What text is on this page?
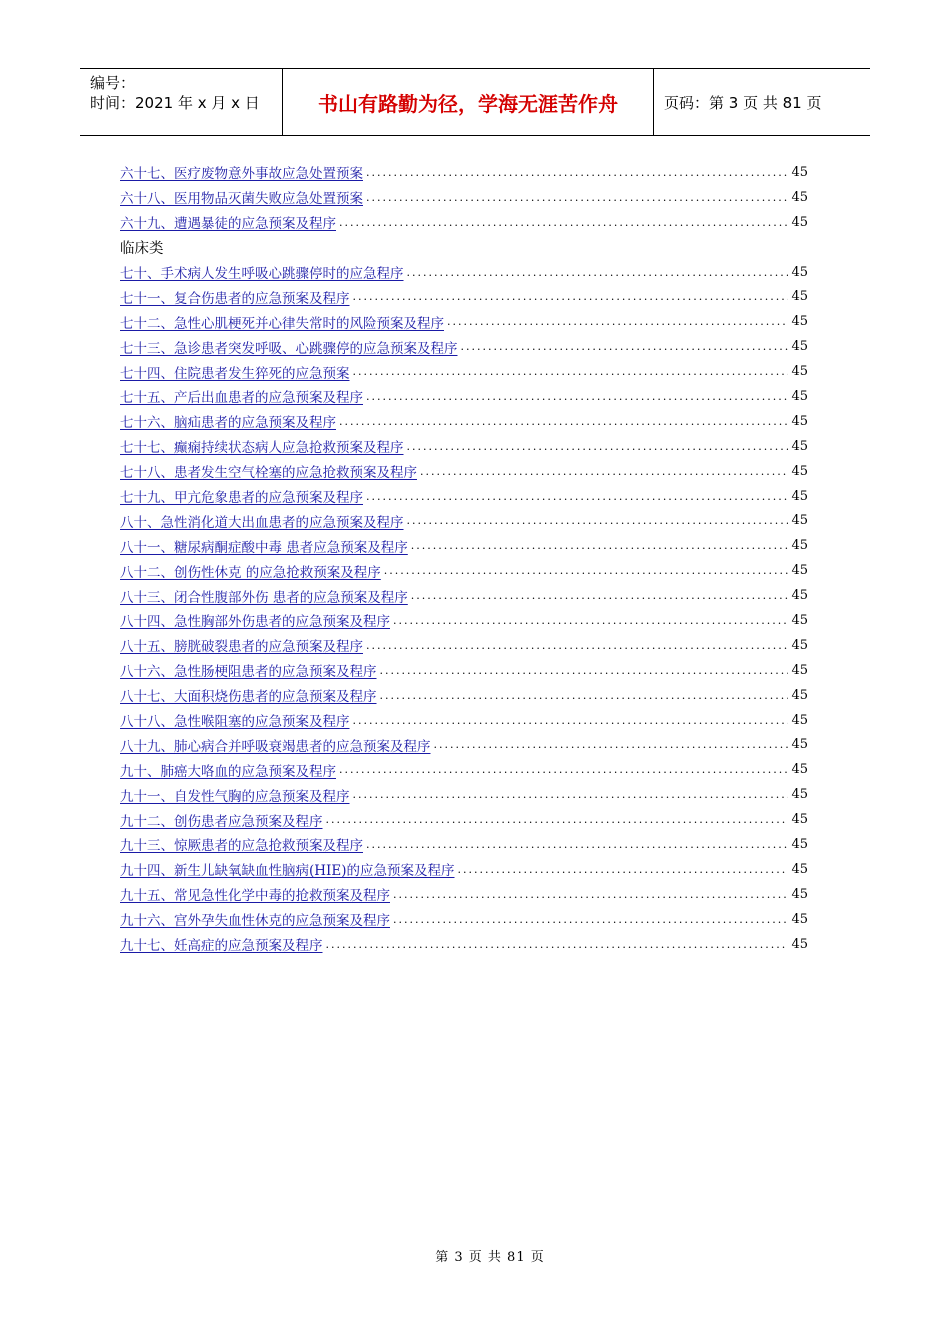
编号：
时间：2021 年 x 月 x 日	书山有路勤为径，学海无涯苦作舟	页码：第 3 页 共 81 页
六十七、医疗废物意外事故应急处置预案 .....	45
六十八、医用物品灭菌失败应急处置预案 .....	45
六十九、遭遇暴徒的应急预案及程序 .....	45
临床类
七十、手术病人发生呼吸心跳骤停时的应急程序 .....	45
七十一、复合伤患者的应急预案及程序 .....	45
七十二、急性心肌梗死并心律失常时的风险预案及程序 .....	45
七十三、急诊患者突发呼吸、心跳骤停的应急预案及程序 .....	45
七十四、住院患者发生猝死的应急预案 .....	45
七十五、产后出血患者的应急预案及程序 .....	45
七十六、脑疝患者的应急预案及程序 .....	45
七十七、癫痫持续状态病人应急抢救预案及程序 .....	45
七十八、患者发生空气栓塞的应急抢救预案及程序 .....	45
七十九、甲亢危象患者的应急预案及程序 .....	45
八十、急性消化道大出血患者的应急预案及程序 .....	45
八十一、糖尿病酮症酸中毒 患者应急预案及程序 .....	45
八十二、创伤性休克 的应急抢救预案及程序 .....	45
八十三、闭合性腹部外伤 患者的应急预案及程序 .....	45
八十四、急性胸部外伤患者的应急预案及程序 .....	45
八十五、膀胱破裂患者的应急预案及程序 .....	45
八十六、急性肠梗阻患者的应急预案及程序 .....	45
八十七、大面积烧伤患者的应急预案及程序 .....	45
八十八、急性喉阻塞的应急预案及程序 .....	45
八十九、肺心病合并呼吸衰竭患者的应急预案及程序 .....	45
九十、肺癌大咯血的应急预案及程序 .....	45
九十一、自发性气胸的应急预案及程序 .....	45
九十二、创伤患者应急预案及程序 .....	45
九十三、惊厥患者的应急抢救预案及程序 .....	45
九十四、新生儿缺氧缺血性脑病(HIE)的应急预案及程序 .....	45
九十五、常见急性化学中毒的抢救预案及程序 .....	45
九十六、宫外孕失血性休克的应急预案及程序 .....	45
九十七、妊高症的应急预案及程序 .....	45
第 3 页 共 81 页
